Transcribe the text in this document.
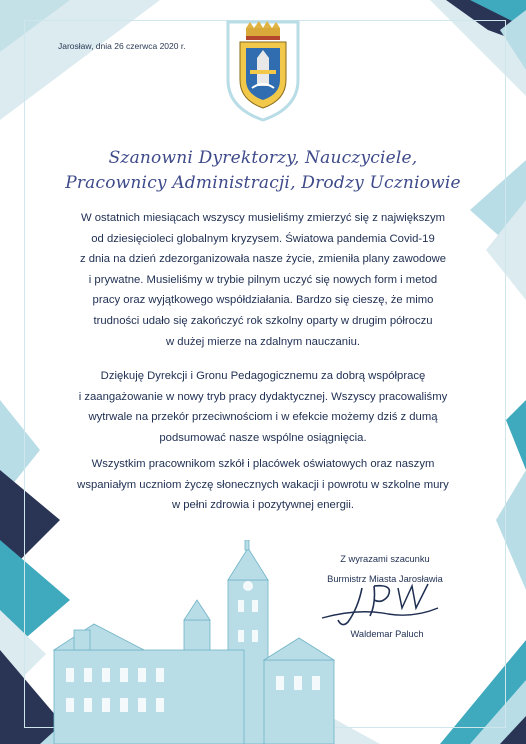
Jarosław, dnia 26 czerwca 2020 r.
Szanowni Dyrektorzy, Nauczyciele,
Pracownicy Administracji, Drodzy Uczniowie
W ostatnich miesiącach wszyscy musieliśmy zmierzyć się z największym
od dziesięcioleci globalnym kryzysem. Światowa pandemia Covid-19
z dnia na dzień zdezorganizowała nasze życie, zmieniła plany zawodowe
i prywatne. Musieliśmy w trybie pilnym uczyć się nowych form i metod
pracy oraz wyjątkowego współdziałania. Bardzo się cieszę, że mimo
trudności udało się zakończyć rok szkolny oparty w drugim półroczu
w dużej mierze na zdalnym nauczaniu.
Dziękuję Dyrekcji i Gronu Pedagogicznemu za dobrą współpracę
i zaangażowanie w nowy tryb pracy dydaktycznej. Wszyscy pracowaliśmy
wytrwale na przekór przeciwnościom i w efekcie możemy dziś z dumą
podsumować nasze wspólne osiągnięcia.
Wszystkim pracownikom szkół i placówek oświatowych oraz naszym
wspaniałym uczniom życzę słonecznych wakacji i powrotu w szkolne mury
w pełni zdrowia i pozytywnej energii.
Z wyrazami szacunku
Burmistrz Miasta Jarosławia
Waldemar Paluch
